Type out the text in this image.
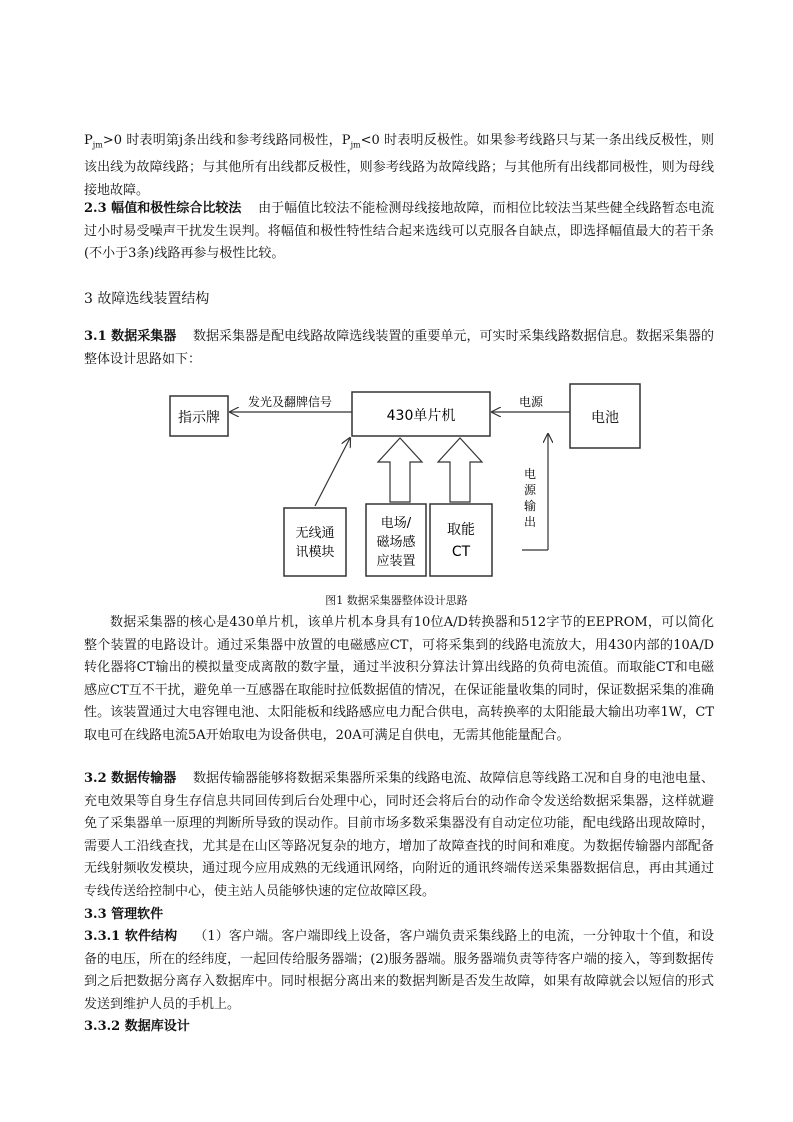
$P_{jm}>0$ 时表明第j条出线和参考线路同极性，$P_{jm}<0$ 时表明反极性。如果参考线路只与某一条出线反极性，则该出线为故障线路；与其他所有出线都反极性，则参考线路为故障线路；与其他所有出线都同极性，则为母线接地故障。

2.3 幅值和极性综合比较法 由于幅值比较法不能检测母线接地故障，而相位比较法当某些健全线路暂态电流过小时易受噪声干扰发生误判。将幅值和极性特性结合起来选线可以克服各自缺点，即选择幅值最大的若干条(不小于3条)线路再参与极性比较。

3 故障选线装置结构

3.1 数据采集器 数据采集器是配电线路故障选线装置的重要单元，可实时采集线路数据信息。数据采集器的整体设计思路如下：

指示牌	430单片机	电池
发光及翻牌信号	电源
电
源
输
出
无线通
讯模块
电场/
磁场感
应装置
取能
CT

图1 数据采集器整体设计思路

数据采集器的核心是430单片机，该单片机本身具有10位A/D转换器和512字节的EEPROM，可以简化整个装置的电路设计。通过采集器中放置的电磁感应CT，可将采集到的线路电流放大，用430内部的10A/D转化器将CT输出的模拟量变成离散的数字量，通过半波积分算法计算出线路的负荷电流值。而取能CT和电磁感应CT互不干扰，避免单一互感器在取能时拉低数据值的情况，在保证能量收集的同时，保证数据采集的准确性。该装置通过大电容锂电池、太阳能板和线路感应电力配合供电，高转换率的太阳能最大输出功率1W，CT取电可在线路电流5A开始取电为设备供电，20A可满足自供电，无需其他能量配合。

3.2 数据传输器 数据传输器能够将数据采集器所采集的线路电流、故障信息等线路工况和自身的电池电量、充电效果等自身生存信息共同回传到后台处理中心，同时还会将后台的动作命令发送给数据采集器，这样就避免了采集器单一原理的判断所导致的误动作。目前市场多数采集器没有自动定位功能，配电线路出现故障时，需要人工沿线查找，尤其是在山区等路况复杂的地方，增加了故障查找的时间和难度。为数据传输器内部配备无线射频收发模块，通过现今应用成熟的无线通讯网络，向附近的通讯终端传送采集器数据信息，再由其通过专线传送给控制中心，使主站人员能够快速的定位故障区段。

3.3 管理软件

3.3.1 软件结构 （1）客户端。客户端即线上设备，客户端负责采集线路上的电流，一分钟取十个值，和设备的电压，所在的经纬度，一起回传给服务器端；(2)服务器端。服务器端负责等待客户端的接入，等到数据传到之后把数据分离存入数据库中。同时根据分离出来的数据判断是否发生故障，如果有故障就会以短信的形式发送到维护人员的手机上。

3.3.2 数据库设计
